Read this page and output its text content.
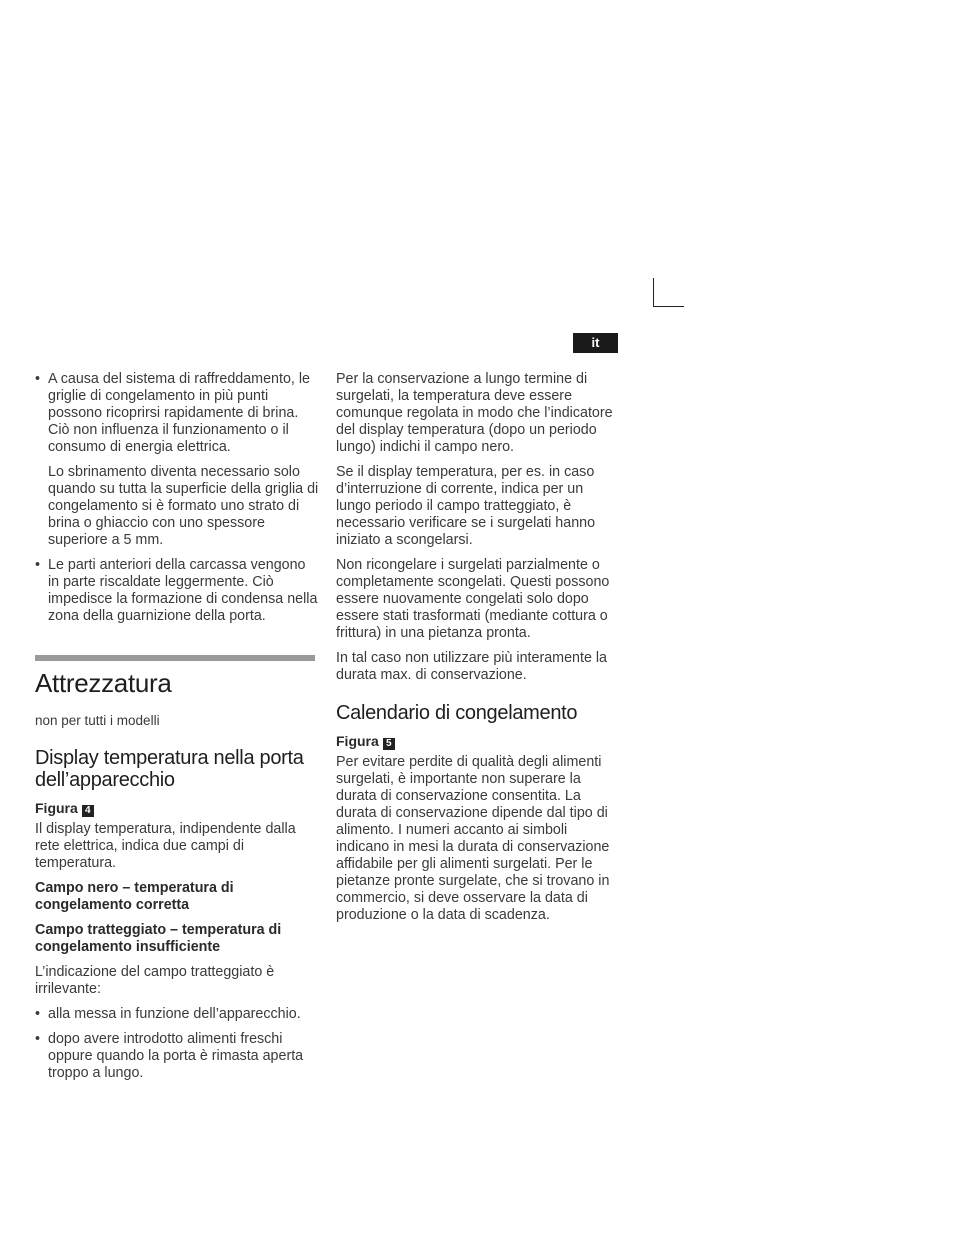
it

• A causa del sistema di raffreddamento, le griglie di congelamento in più punti possono ricoprirsi rapidamente di brina. Ciò non influenza il funzionamento o il consumo di energia elettrica.

Lo sbrinamento diventa necessario solo quando su tutta la superficie della griglia di congelamento si è formato uno strato di brina o ghiaccio con uno spessore superiore a 5 mm.

• Le parti anteriori della carcassa vengono in parte riscaldate leggermente. Ciò impedisce la formazione di condensa nella zona della guarnizione della porta.

Attrezzatura

non per tutti i modelli

Display temperatura nella porta dell’apparecchio
Figura 4

Il display temperatura, indipendente dalla rete elettrica, indica due campi di temperatura.

Campo nero – temperatura di congelamento corretta

Campo tratteggiato – temperatura di congelamento insufficiente

L’indicazione del campo tratteggiato è irrilevante:

• alla messa in funzione dell’apparecchio.
• dopo avere introdotto alimenti freschi oppure quando la porta è rimasta aperta troppo a lungo.

Per la conservazione a lungo termine di surgelati, la temperatura deve essere comunque regolata in modo che l’indicatore del display temperatura (dopo un periodo lungo) indichi il campo nero.

Se il display temperatura, per es. in caso d’interruzione di corrente, indica per un lungo periodo il campo tratteggiato, è necessario verificare se i surgelati hanno iniziato a scongelarsi.

Non ricongelare i surgelati parzialmente o completamente scongelati. Questi possono essere nuovamente congelati solo dopo essere stati trasformati (mediante cottura o frittura) in una pietanza pronta.

In tal caso non utilizzare più interamente la durata max. di conservazione.

Calendario di congelamento
Figura 5

Per evitare perdite di qualità degli alimenti surgelati, è importante non superare la durata di conservazione consentita. La durata di conservazione dipende dal tipo di alimento. I numeri accanto ai simboli indicano in mesi la durata di conservazione affidabile per gli alimenti surgelati. Per le pietanze pronte surgelate, che si trovano in commercio, si deve osservare la data di produzione o la data di scadenza.
